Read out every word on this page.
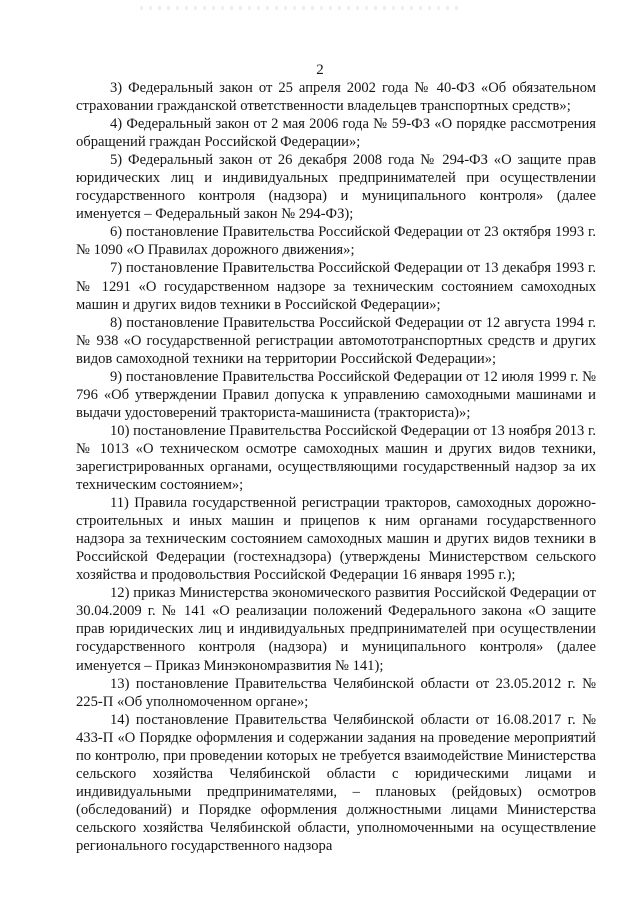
2

3) Федеральный закон от 25 апреля 2002 года № 40-ФЗ «Об обязательном страховании гражданской ответственности владельцев транспортных средств»;

4) Федеральный закон от 2 мая 2006 года № 59-ФЗ «О порядке рассмотрения обращений граждан Российской Федерации»;

5) Федеральный закон от 26 декабря 2008 года № 294-ФЗ «О защите прав юридических лиц и индивидуальных предпринимателей при осуществлении государственного контроля (надзора) и муниципального контроля» (далее именуется – Федеральный закон № 294-ФЗ);

6) постановление Правительства Российской Федерации от 23 октября 1993 г. № 1090 «О Правилах дорожного движения»;

7) постановление Правительства Российской Федерации от 13 декабря 1993 г. № 1291 «О государственном надзоре за техническим состоянием самоходных машин и других видов техники в Российской Федерации»;

8) постановление Правительства Российской Федерации от 12 августа 1994 г. № 938 «О государственной регистрации автомототранспортных средств и других видов самоходной техники на территории Российской Федерации»;

9) постановление Правительства Российской Федерации от 12 июля 1999 г. № 796 «Об утверждении Правил допуска к управлению самоходными машинами и выдачи удостоверений тракториста-машиниста (тракториста)»;

10) постановление Правительства Российской Федерации от 13 ноября 2013 г. № 1013 «О техническом осмотре самоходных машин и других видов техники, зарегистрированных органами, осуществляющими государственный надзор за их техническим состоянием»;

11) Правила государственной регистрации тракторов, самоходных дорожно-строительных и иных машин и прицепов к ним органами государственного надзора за техническим состоянием самоходных машин и других видов техники в Российской Федерации (гостехнадзора) (утверждены Министерством сельского хозяйства и продовольствия Российской Федерации 16 января 1995 г.);

12) приказ Министерства экономического развития Российской Федерации от 30.04.2009 г. № 141 «О реализации положений Федерального закона «О защите прав юридических лиц и индивидуальных предпринимателей при осуществлении государственного контроля (надзора) и муниципального контроля» (далее именуется – Приказ Минэкономразвития № 141);

13) постановление Правительства Челябинской области от 23.05.2012 г. № 225-П «Об уполномоченном органе»;

14) постановление Правительства Челябинской области от 16.08.2017 г. № 433-П «О Порядке оформления и содержании задания на проведение мероприятий по контролю, при проведении которых не требуется взаимодействие Министерства сельского хозяйства Челябинской области с юридическими лицами и индивидуальными предпринимателями, – плановых (рейдовых) осмотров (обследований) и Порядке оформления должностными лицами Министерства сельского хозяйства Челябинской области, уполномоченными на осуществление регионального государственного надзора
